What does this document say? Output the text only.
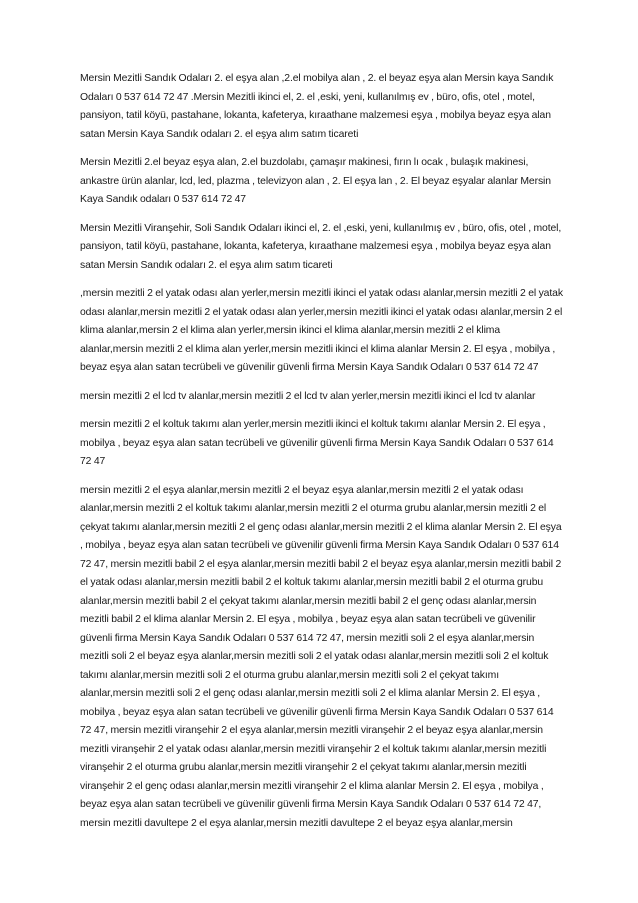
Mersin Mezitli Sandık Odaları 2. el eşya alan ,2.el mobilya alan , 2. el beyaz eşya alan Mersin kaya Sandık Odaları 0 537 614 72 47 .Mersin Mezitli ikinci el, 2. el ,eski, yeni, kullanılmış ev , büro, ofis, otel , motel, pansiyon, tatil köyü, pastahane, lokanta, kafeterya, kıraathane malzemesi eşya , mobilya beyaz eşya alan satan Mersin Kaya Sandık odaları 2. el eşya alım satım ticareti

Mersin Mezitli 2.el beyaz eşya alan, 2.el buzdolabı, çamaşır makinesi, fırın lı ocak , bulaşık makinesi, ankastre ürün alanlar, lcd, led, plazma , televizyon alan , 2. El eşya lan , 2. El beyaz eşyalar alanlar Mersin Kaya Sandık odaları 0 537 614 72 47

Mersin Mezitli Viranşehir, Soli Sandık Odaları ikinci el, 2. el ,eski, yeni, kullanılmış ev , büro, ofis, otel , motel, pansiyon, tatil köyü, pastahane, lokanta, kafeterya, kıraathane malzemesi eşya , mobilya beyaz eşya alan satan Mersin Sandık odaları 2. el eşya alım satım ticareti

,mersin mezitli 2 el yatak odası alan yerler,mersin mezitli ikinci el yatak odası alanlar,mersin mezitli 2 el yatak odası alanlar,mersin mezitli 2 el yatak odası alan yerler,mersin mezitli ikinci el yatak odası alanlar,mersin 2 el klima alanlar,mersin 2 el klima alan yerler,mersin ikinci el klima alanlar,mersin mezitli 2 el klima alanlar,mersin mezitli 2 el klima alan yerler,mersin mezitli ikinci el klima alanlar Mersin 2. El eşya , mobilya , beyaz eşya alan satan tecrübeli ve güvenilir güvenli firma Mersin Kaya Sandık Odaları 0 537 614 72 47

mersin mezitli 2 el lcd tv alanlar,mersin mezitli 2 el lcd tv alan yerler,mersin mezitli ikinci el lcd tv alanlar

mersin mezitli 2 el koltuk takımı alan yerler,mersin mezitli ikinci el koltuk takımı alanlar Mersin 2. El eşya , mobilya , beyaz eşya alan satan tecrübeli ve güvenilir güvenli firma Mersin Kaya Sandık Odaları 0 537 614 72 47

mersin mezitli 2 el eşya alanlar,mersin mezitli 2 el beyaz eşya alanlar,mersin mezitli 2 el yatak odası alanlar,mersin mezitli 2 el koltuk takımı alanlar,mersin mezitli 2 el oturma grubu alanlar,mersin mezitli 2 el çekyat takımı alanlar,mersin mezitli 2 el genç odası alanlar,mersin mezitli 2 el klima alanlar Mersin 2. El eşya , mobilya , beyaz eşya alan satan tecrübeli ve güvenilir güvenli firma Mersin Kaya Sandık Odaları 0 537 614 72 47, mersin mezitli babil 2 el eşya alanlar,mersin mezitli babil 2 el beyaz eşya alanlar,mersin mezitli babil 2 el yatak odası alanlar,mersin mezitli babil 2 el koltuk takımı alanlar,mersin mezitli babil 2 el oturma grubu alanlar,mersin mezitli babil 2 el çekyat takımı alanlar,mersin mezitli babil 2 el genç odası alanlar,mersin mezitli babil 2 el klima alanlar Mersin 2. El eşya , mobilya , beyaz eşya alan satan tecrübeli ve güvenilir güvenli firma Mersin Kaya Sandık Odaları 0 537 614 72 47, mersin mezitli soli 2 el eşya alanlar,mersin mezitli soli 2 el beyaz eşya alanlar,mersin mezitli soli 2 el yatak odası alanlar,mersin mezitli soli 2 el koltuk takımı alanlar,mersin mezitli soli 2 el oturma grubu alanlar,mersin mezitli soli 2 el çekyat takımı alanlar,mersin mezitli soli 2 el genç odası alanlar,mersin mezitli soli 2 el klima alanlar Mersin 2. El eşya , mobilya , beyaz eşya alan satan tecrübeli ve güvenilir güvenli firma Mersin Kaya Sandık Odaları 0 537 614 72 47, mersin mezitli viranşehir 2 el eşya alanlar,mersin mezitli viranşehir 2 el beyaz eşya alanlar,mersin mezitli viranşehir 2 el yatak odası alanlar,mersin mezitli viranşehir 2 el koltuk takımı alanlar,mersin mezitli viranşehir 2 el oturma grubu alanlar,mersin mezitli viranşehir 2 el çekyat takımı alanlar,mersin mezitli viranşehir 2 el genç odası alanlar,mersin mezitli viranşehir 2 el klima alanlar Mersin 2. El eşya , mobilya , beyaz eşya alan satan tecrübeli ve güvenilir güvenli firma Mersin Kaya Sandık Odaları 0 537 614 72 47, mersin mezitli davultepe 2 el eşya alanlar,mersin mezitli davultepe 2 el beyaz eşya alanlar,mersin
